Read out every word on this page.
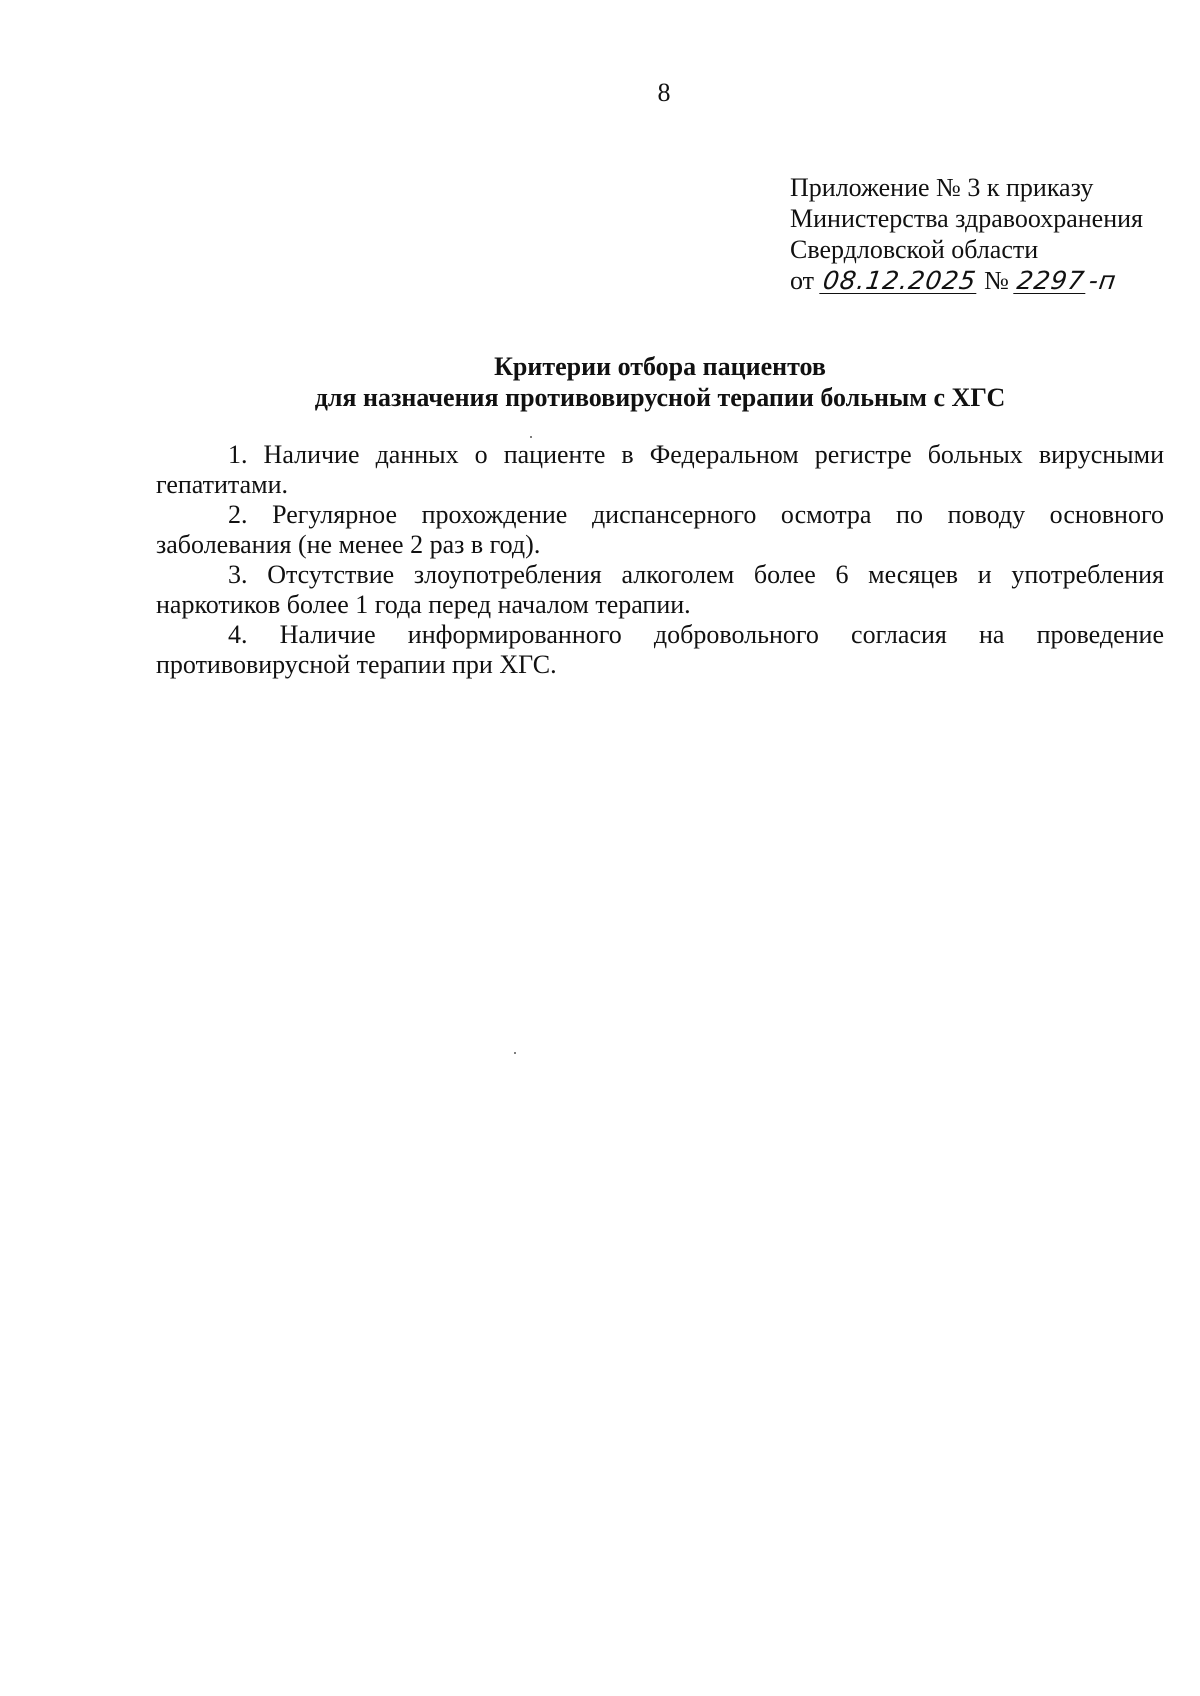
8
Приложение № 3 к приказу
Министерства здравоохранения
Свердловской области
от 08.12.2025 № 2297-п
Критерии отбора пациентов
для назначения противовирусной терапии больным с ХГС

1. Наличие данных о пациенте в Федеральном регистре больных вирусными гепатитами.

2. Регулярное прохождение диспансерного осмотра по поводу основного заболевания (не менее 2 раз в год).

3. Отсутствие злоупотребления алкоголем более 6 месяцев и употребления наркотиков более 1 года перед началом терапии.

4. Наличие информированного добровольного согласия на проведение противовирусной терапии при ХГС.
